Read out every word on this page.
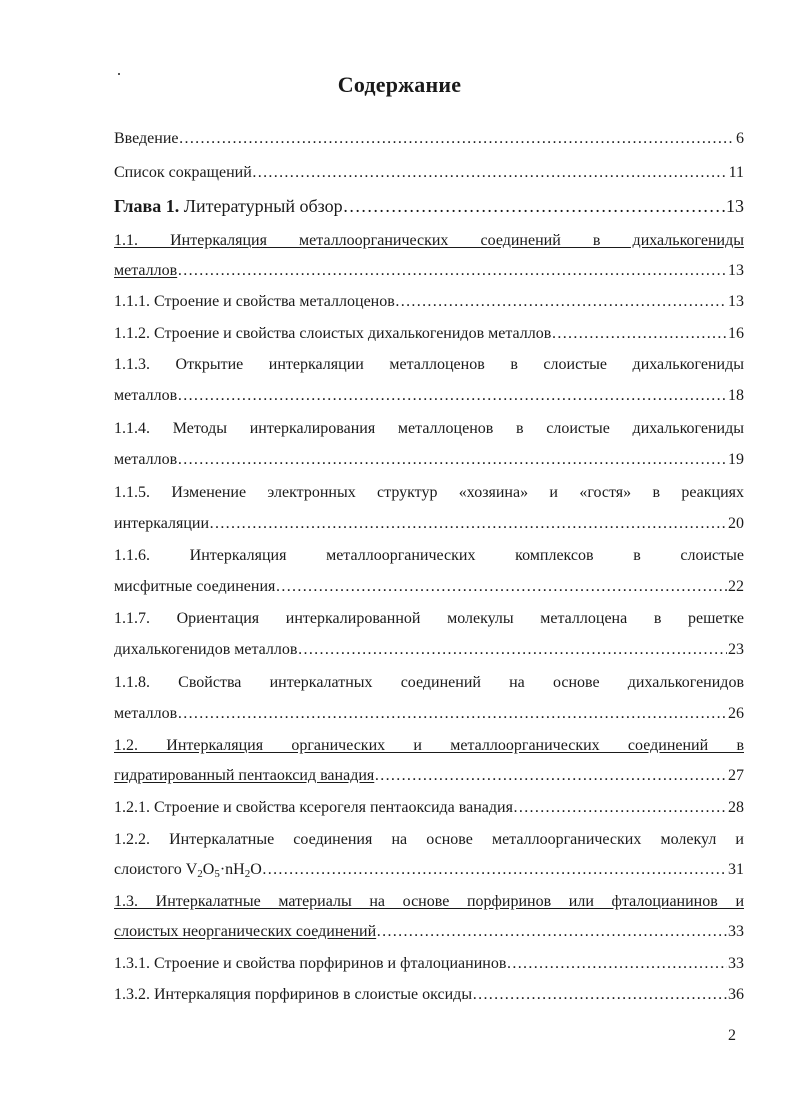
Содержание
Введение ……………………………………………………………………………………………………………………………………………………………………………………………………	6
Список сокращений ……………………………………………………………………………………………………………………………………………………………………………………………………	11
Глава 1. Литературный обзор ……………………………………………………………………………………………………………………………………………………………………………………………………	13
1.1. Интеркаляция металлоорганических соединений в дихалькогениды
металлов ……………………………………………………………………………………………………………………………………………………………………………………………………	13
1.1.1. Строение и свойства металлоценов ……………………………………………………………………………………………………………………………………………………………………………………………………	13
1.1.2. Строение и свойства слоистых дихалькогенидов металлов ……………………………………………………………………………………………………………………………………………………………………………………………………	16
1.1.3. Открытие интеркаляции металлоценов в слоистые дихалькогениды
металлов ……………………………………………………………………………………………………………………………………………………………………………………………………	18
1.1.4. Методы интеркалирования металлоценов в слоистые дихалькогениды
металлов ……………………………………………………………………………………………………………………………………………………………………………………………………	19
1.1.5. Изменение электронных структур «хозяина» и «гостя» в реакциях
интеркаляции ……………………………………………………………………………………………………………………………………………………………………………………………………	20
1.1.6. Интеркаляция металлоорганических комплексов в слоистые
мисфитные соединения ……………………………………………………………………………………………………………………………………………………………………………………………………	22
1.1.7. Ориентация интеркалированной молекулы металлоцена в решетке
дихалькогенидов металлов ……………………………………………………………………………………………………………………………………………………………………………………………………	23
1.1.8. Свойства интеркалатных соединений на основе дихалькогенидов
металлов ……………………………………………………………………………………………………………………………………………………………………………………………………	26
1.2. Интеркаляция органических и металлоорганических соединений в
гидратированный пентаоксид ванадия ……………………………………………………………………………………………………………………………………………………………………………………………………	27
1.2.1. Строение и свойства ксерогеля пентаоксида ванадия ……………………………………………………………………………………………………………………………………………………………………………………………………	28
1.2.2. Интеркалатные соединения на основе металлоорганических молекул и
слоистого $V_2O_5\cdot nH_2O$ ……………………………………………………………………………………………………………………………………………………………………………………………………	31
1.3. Интеркалатные материалы на основе порфиринов или фталоцианинов и
слоистых неорганических соединений ……………………………………………………………………………………………………………………………………………………………………………………………………	33
1.3.1. Строение и свойства порфиринов и фталоцианинов ……………………………………………………………………………………………………………………………………………………………………………………………………	33
1.3.2. Интеркаляция порфиринов в слоистые оксиды ……………………………………………………………………………………………………………………………………………………………………………………………………	36
2
